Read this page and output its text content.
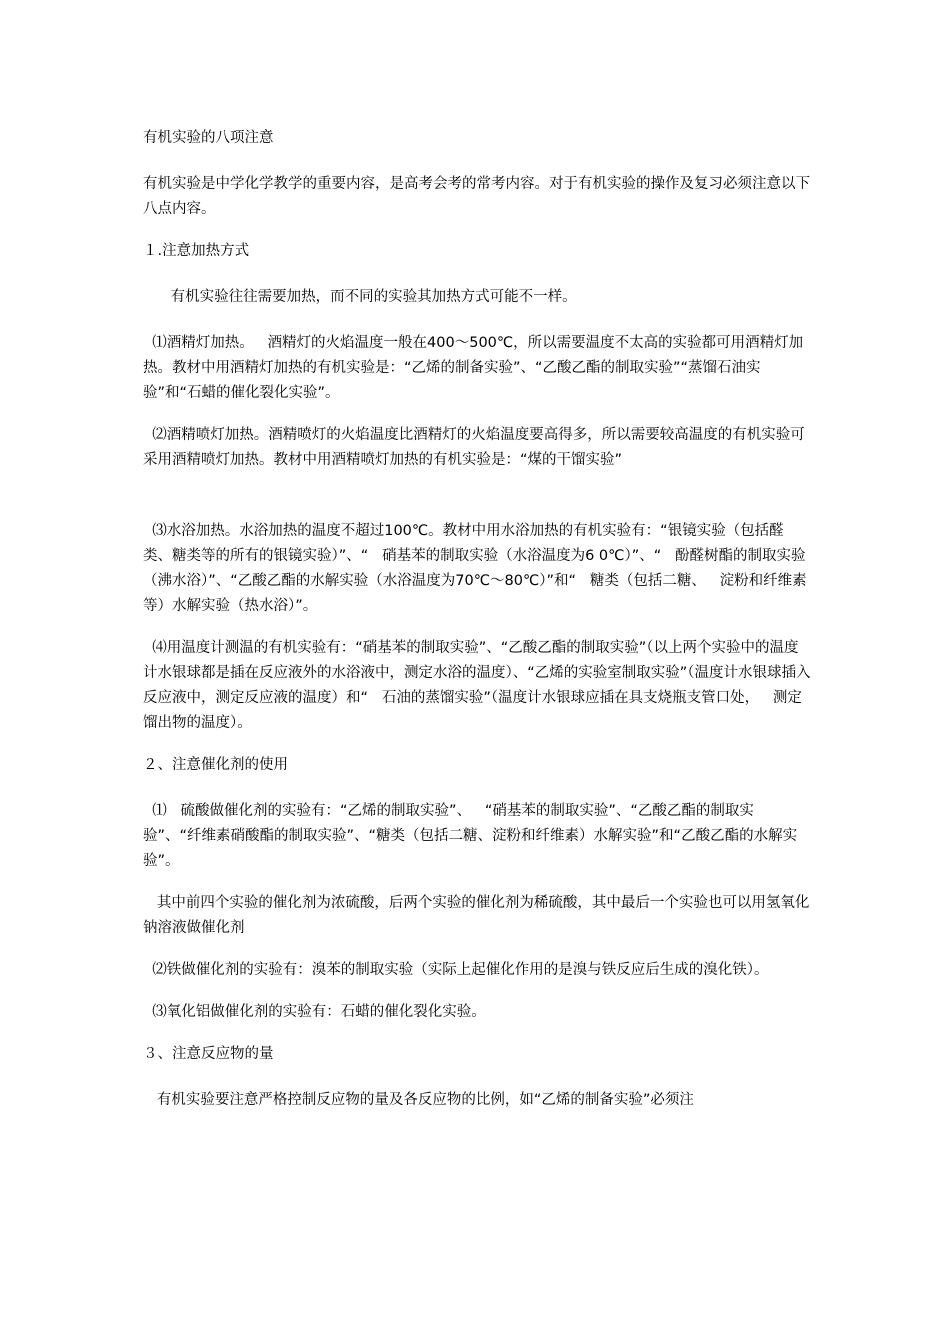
有机实验的八项注意

有机实验是中学化学教学的重要内容，是高考会考的常考内容。对于有机实验的操作及复习必须注意以下八点内容。

１.注意加热方式

有机实验往往需要加热，而不同的实验其加热方式可能不一样。

⑴酒精灯加热。   酒精灯的火焰温度一般在400～500℃，所以需要温度不太高的实验都可用酒精灯加热。教材中用酒精灯加热的有机实验是：“乙烯的制备实验”、“乙酸乙酯的制取实验”“蒸馏石油实验”和“石蜡的催化裂化实验”。

⑵酒精喷灯加热。酒精喷灯的火焰温度比酒精灯的火焰温度要高得多，所以需要较高温度的有机实验可采用酒精喷灯加热。教材中用酒精喷灯加热的有机实验是：“煤的干馏实验”

⑶水浴加热。水浴加热的温度不超过100℃。教材中用水浴加热的有机实验有：“银镜实验（包括醛类、糖类等的所有的银镜实验）”、“   硝基苯的制取实验（水浴温度为6 0℃）”、“   酚醛树酯的制取实验（沸水浴）”、“乙酸乙酯的水解实验（水浴温度为70℃～80℃）”和“   糖类（包括二糖、   淀粉和纤维素等）水解实验（热水浴）”。

⑷用温度计测温的有机实验有：“硝基苯的制取实验”、“乙酸乙酯的制取实验”（以上两个实验中的温度计水银球都是插在反应液外的水浴液中，测定水浴的温度）、“乙烯的实验室制取实验”（温度计水银球插入反应液中，测定反应液的温度）和“   石油的蒸馏实验”（温度计水银球应插在具支烧瓶支管口处，   测定馏出物的温度）。

２、注意催化剂的使用

⑴   硫酸做催化剂的实验有：“乙烯的制取实验”、   “硝基苯的制取实验”、“乙酸乙酯的制取实验”、“纤维素硝酸酯的制取实验”、“糖类（包括二糖、淀粉和纤维素）水解实验”和“乙酸乙酯的水解实验”。

其中前四个实验的催化剂为浓硫酸，后两个实验的催化剂为稀硫酸，其中最后一个实验也可以用氢氧化钠溶液做催化剂

⑵铁做催化剂的实验有：溴苯的制取实验（实际上起催化作用的是溴与铁反应后生成的溴化铁）。

⑶氧化铝做催化剂的实验有：石蜡的催化裂化实验。

３、注意反应物的量

有机实验要注意严格控制反应物的量及各反应物的比例，如“乙烯的制备实验”必须注
